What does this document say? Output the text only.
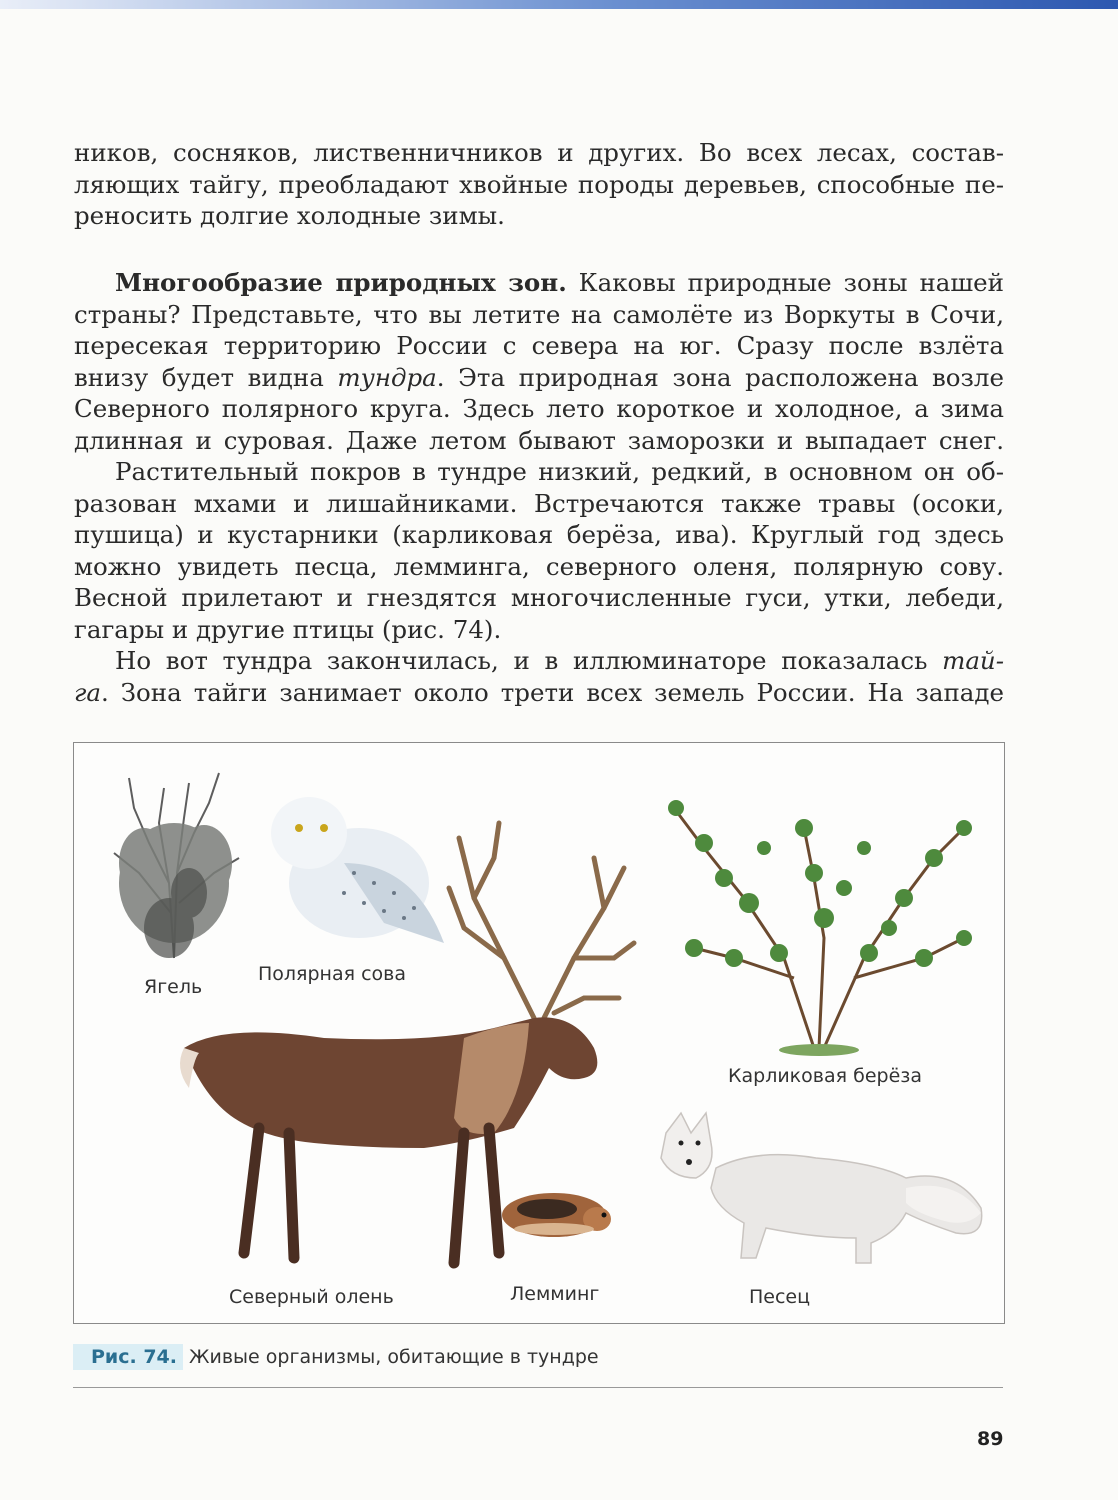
ников, сосняков, лиственничников и других. Во всех лесах, состав-
ляющих тайгу, преобладают хвойные породы деревьев, способные пе-
реносить долгие холодные зимы.
Многообразие природных зон. Каковы природные зоны нашей
страны? Представьте, что вы летите на самолёте из Воркуты в Сочи,
пересекая территорию России с севера на юг. Сразу после взлёта
внизу будет видна тундра. Эта природная зона расположена возле
Северного полярного круга. Здесь лето короткое и холодное, а зима
длинная и суровая. Даже летом бывают заморозки и выпадает снег.
Растительный покров в тундре низкий, редкий, в основном он об-
разован мхами и лишайниками. Встречаются также травы (осоки,
пушица) и кустарники (карликовая берёза, ива). Круглый год здесь
можно увидеть песца, лемминга, северного оленя, полярную сову.
Весной прилетают и гнездятся многочисленные гуси, утки, лебеди,
гагары и другие птицы (рис. 74).
Но вот тундра закончилась, и в иллюминаторе показалась тай-
га. Зона тайги занимает около трети всех земель России. На западе
Ягель
Полярная сова
Карликовая берёза
Северный олень	Лемминг	Песец
Рис. 74. Живые организмы, обитающие в тундре
89
